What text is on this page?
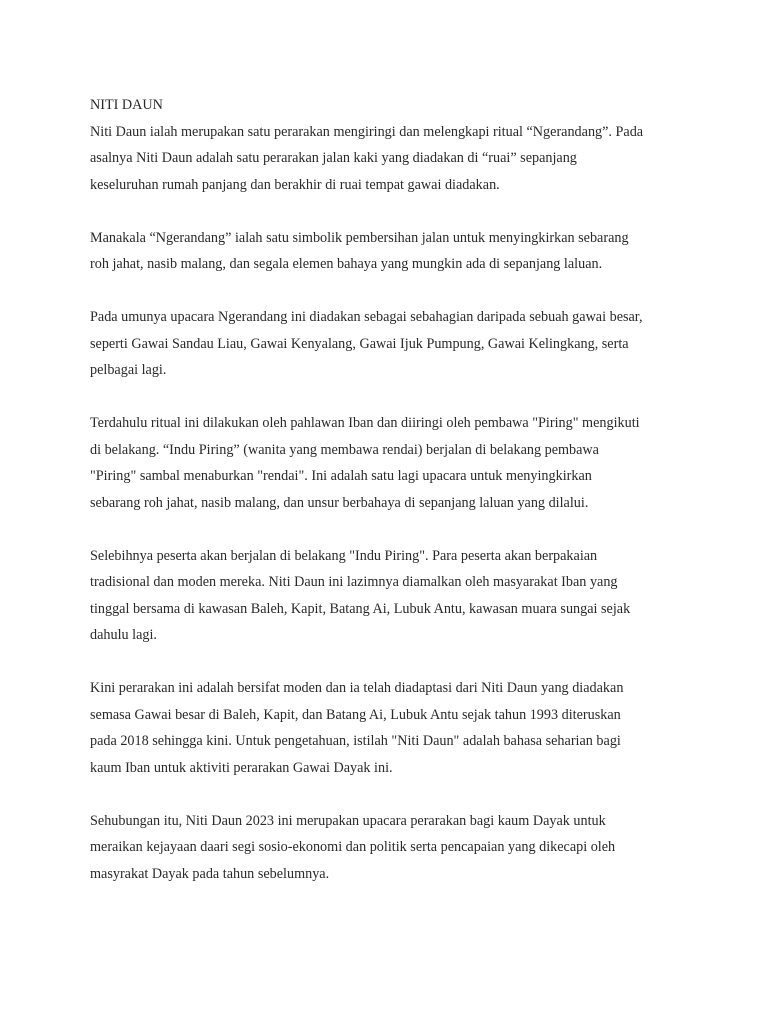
NITI DAUN

Niti Daun ialah merupakan satu perarakan mengiringi dan melengkapi ritual “Ngerandang”. Pada
asalnya Niti Daun adalah satu perarakan jalan kaki yang diadakan di “ruai” sepanjang
keseluruhan rumah panjang dan berakhir di ruai tempat gawai diadakan.

Manakala “Ngerandang” ialah satu simbolik pembersihan jalan untuk menyingkirkan sebarang
roh jahat, nasib malang, dan segala elemen bahaya yang mungkin ada di sepanjang laluan.

Pada umunya upacara Ngerandang ini diadakan sebagai sebahagian daripada sebuah gawai besar,
seperti Gawai Sandau Liau, Gawai Kenyalang, Gawai Ijuk Pumpung, Gawai Kelingkang, serta
pelbagai lagi.

Terdahulu ritual ini dilakukan oleh pahlawan Iban dan diiringi oleh pembawa "Piring" mengikuti
di belakang. “Indu Piring” (wanita yang membawa rendai) berjalan di belakang pembawa
"Piring" sambal menaburkan "rendai". Ini adalah satu lagi upacara untuk menyingkirkan
sebarang roh jahat, nasib malang, dan unsur berbahaya di sepanjang laluan yang dilalui.

Selebihnya peserta akan berjalan di belakang "Indu Piring". Para peserta akan berpakaian
tradisional dan moden mereka. Niti Daun ini lazimnya diamalkan oleh masyarakat Iban yang
tinggal bersama di kawasan Baleh, Kapit, Batang Ai, Lubuk Antu, kawasan muara sungai sejak
dahulu lagi.

Kini perarakan ini adalah bersifat moden dan ia telah diadaptasi dari Niti Daun yang diadakan
semasa Gawai besar di Baleh, Kapit, dan Batang Ai, Lubuk Antu sejak tahun 1993 diteruskan
pada 2018 sehingga kini. Untuk pengetahuan, istilah "Niti Daun" adalah bahasa seharian bagi
kaum Iban untuk aktiviti perarakan Gawai Dayak ini.

Sehubungan itu, Niti Daun 2023 ini merupakan upacara perarakan bagi kaum Dayak untuk
meraikan kejayaan daari segi sosio-ekonomi dan politik serta pencapaian yang dikecapi oleh
masyrakat Dayak pada tahun sebelumnya.
